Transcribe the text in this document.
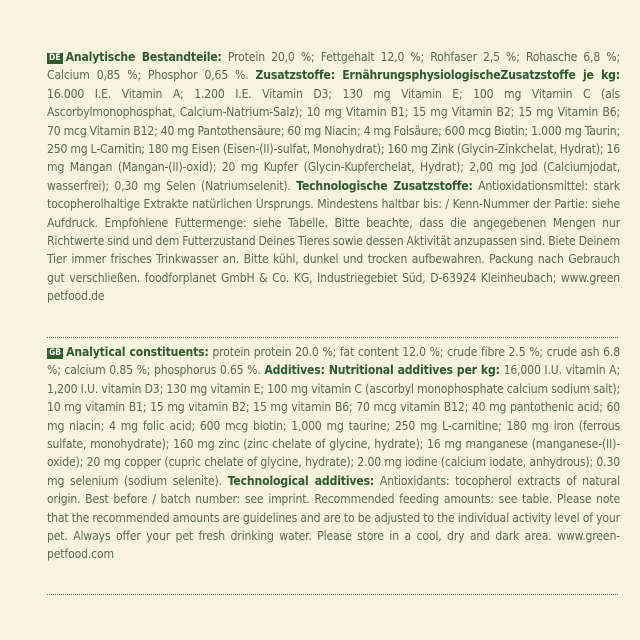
DE Analytische Bestandteile: Protein 20,0 %; Fettgehalt 12,0 %; Rohfaser 2,5 %; Rohasche 6,8 %; Calcium 0,85 %; Phosphor 0,65 %. Zusatzstoffe: ErnährungsphysiologischeZusatzstoffe je kg: 16.000 I.E. Vitamin A; 1.200 I.E. Vitamin D3; 130 mg Vitamin E; 100 mg Vitamin C (als Ascorbylmonophosphat, Calcium-Natrium-Salz); 10 mg Vitamin B1; 15 mg Vitamin B2; 15 mg Vitamin B6; 70 mcg Vitamin B12; 40 mg Pantothensäure; 60 mg Niacin; 4 mg Folsäure; 600 mcg Biotin; 1.000 mg Taurin; 250 mg L-Carnitin; 180 mg Eisen (Eisen-(II)-sulfat, Monohydrat); 160 mg Zink (Glycin-Zinkchelat, Hydrat); 16 mg Mangan (Mangan-(II)-oxid); 20 mg Kupfer (Glycin-Kupferchelat, Hydrat); 2,00 mg Jod (Calciumjodat, wasserfrei); 0,30 mg Selen (Natriumselenit). Technologische Zusatzstoffe: Antioxidationsmittel: stark tocopherolhaltige Extrakte natürlichen Ursprungs. Mindestens haltbar bis: / Kenn-Nummer der Partie: siehe Aufdruck. Empfohlene Futtermenge: siehe Tabelle. Bitte beachte, dass die angegebenen Mengen nur Richtwerte sind und dem Futterzustand Deines Tieres sowie dessen Aktivität anzupassen sind. Biete Deinem Tier immer frisches Trinkwasser an. Bitte kühl, dunkel und trocken aufbewahren. Packung nach Gebrauch gut verschließen. foodforplanet GmbH & Co. KG, Industriegebiet Süd, D-63924 Kleinheubach; www.green petfood.de
GB Analytical constituents: protein protein 20.0 %; fat content 12.0 %; crude fibre 2.5 %; crude ash 6.8 %; calcium 0.85 %; phosphorus 0.65 %. Additives: Nutritional additives per kg: 16,000 I.U. vitamin A; 1,200 I.U. vitamin D3; 130 mg vitamin E; 100 mg vitamin C (ascorbyl monophosphate calcium sodium salt); 10 mg vitamin B1; 15 mg vitamin B2; 15 mg vitamin B6; 70 mcg vitamin B12; 40 mg pantothenic acid; 60 mg niacin; 4 mg folic acid; 600 mcg biotin; 1,000 mg taurine; 250 mg L-carnitine; 180 mg iron (ferrous sulfate, monohydrate); 160 mg zinc (zinc chelate of glycine, hydrate); 16 mg manganese (manganese-(II)-oxide); 20 mg copper (cupric chelate of glycine, hydrate); 2.00 mg iodine (calcium iodate, anhydrous); 0.30 mg selenium (sodium selenite). Technological additives: Antioxidants: tocopherol extracts of natural origin. Best before / batch number: see imprint. Recommended feeding amounts: see table. Please note that the recommended amounts are guidelines and are to be adjusted to the individual activity level of your pet. Always offer your pet fresh drinking water. Please store in a cool, dry and dark area. www.green-petfood.com
